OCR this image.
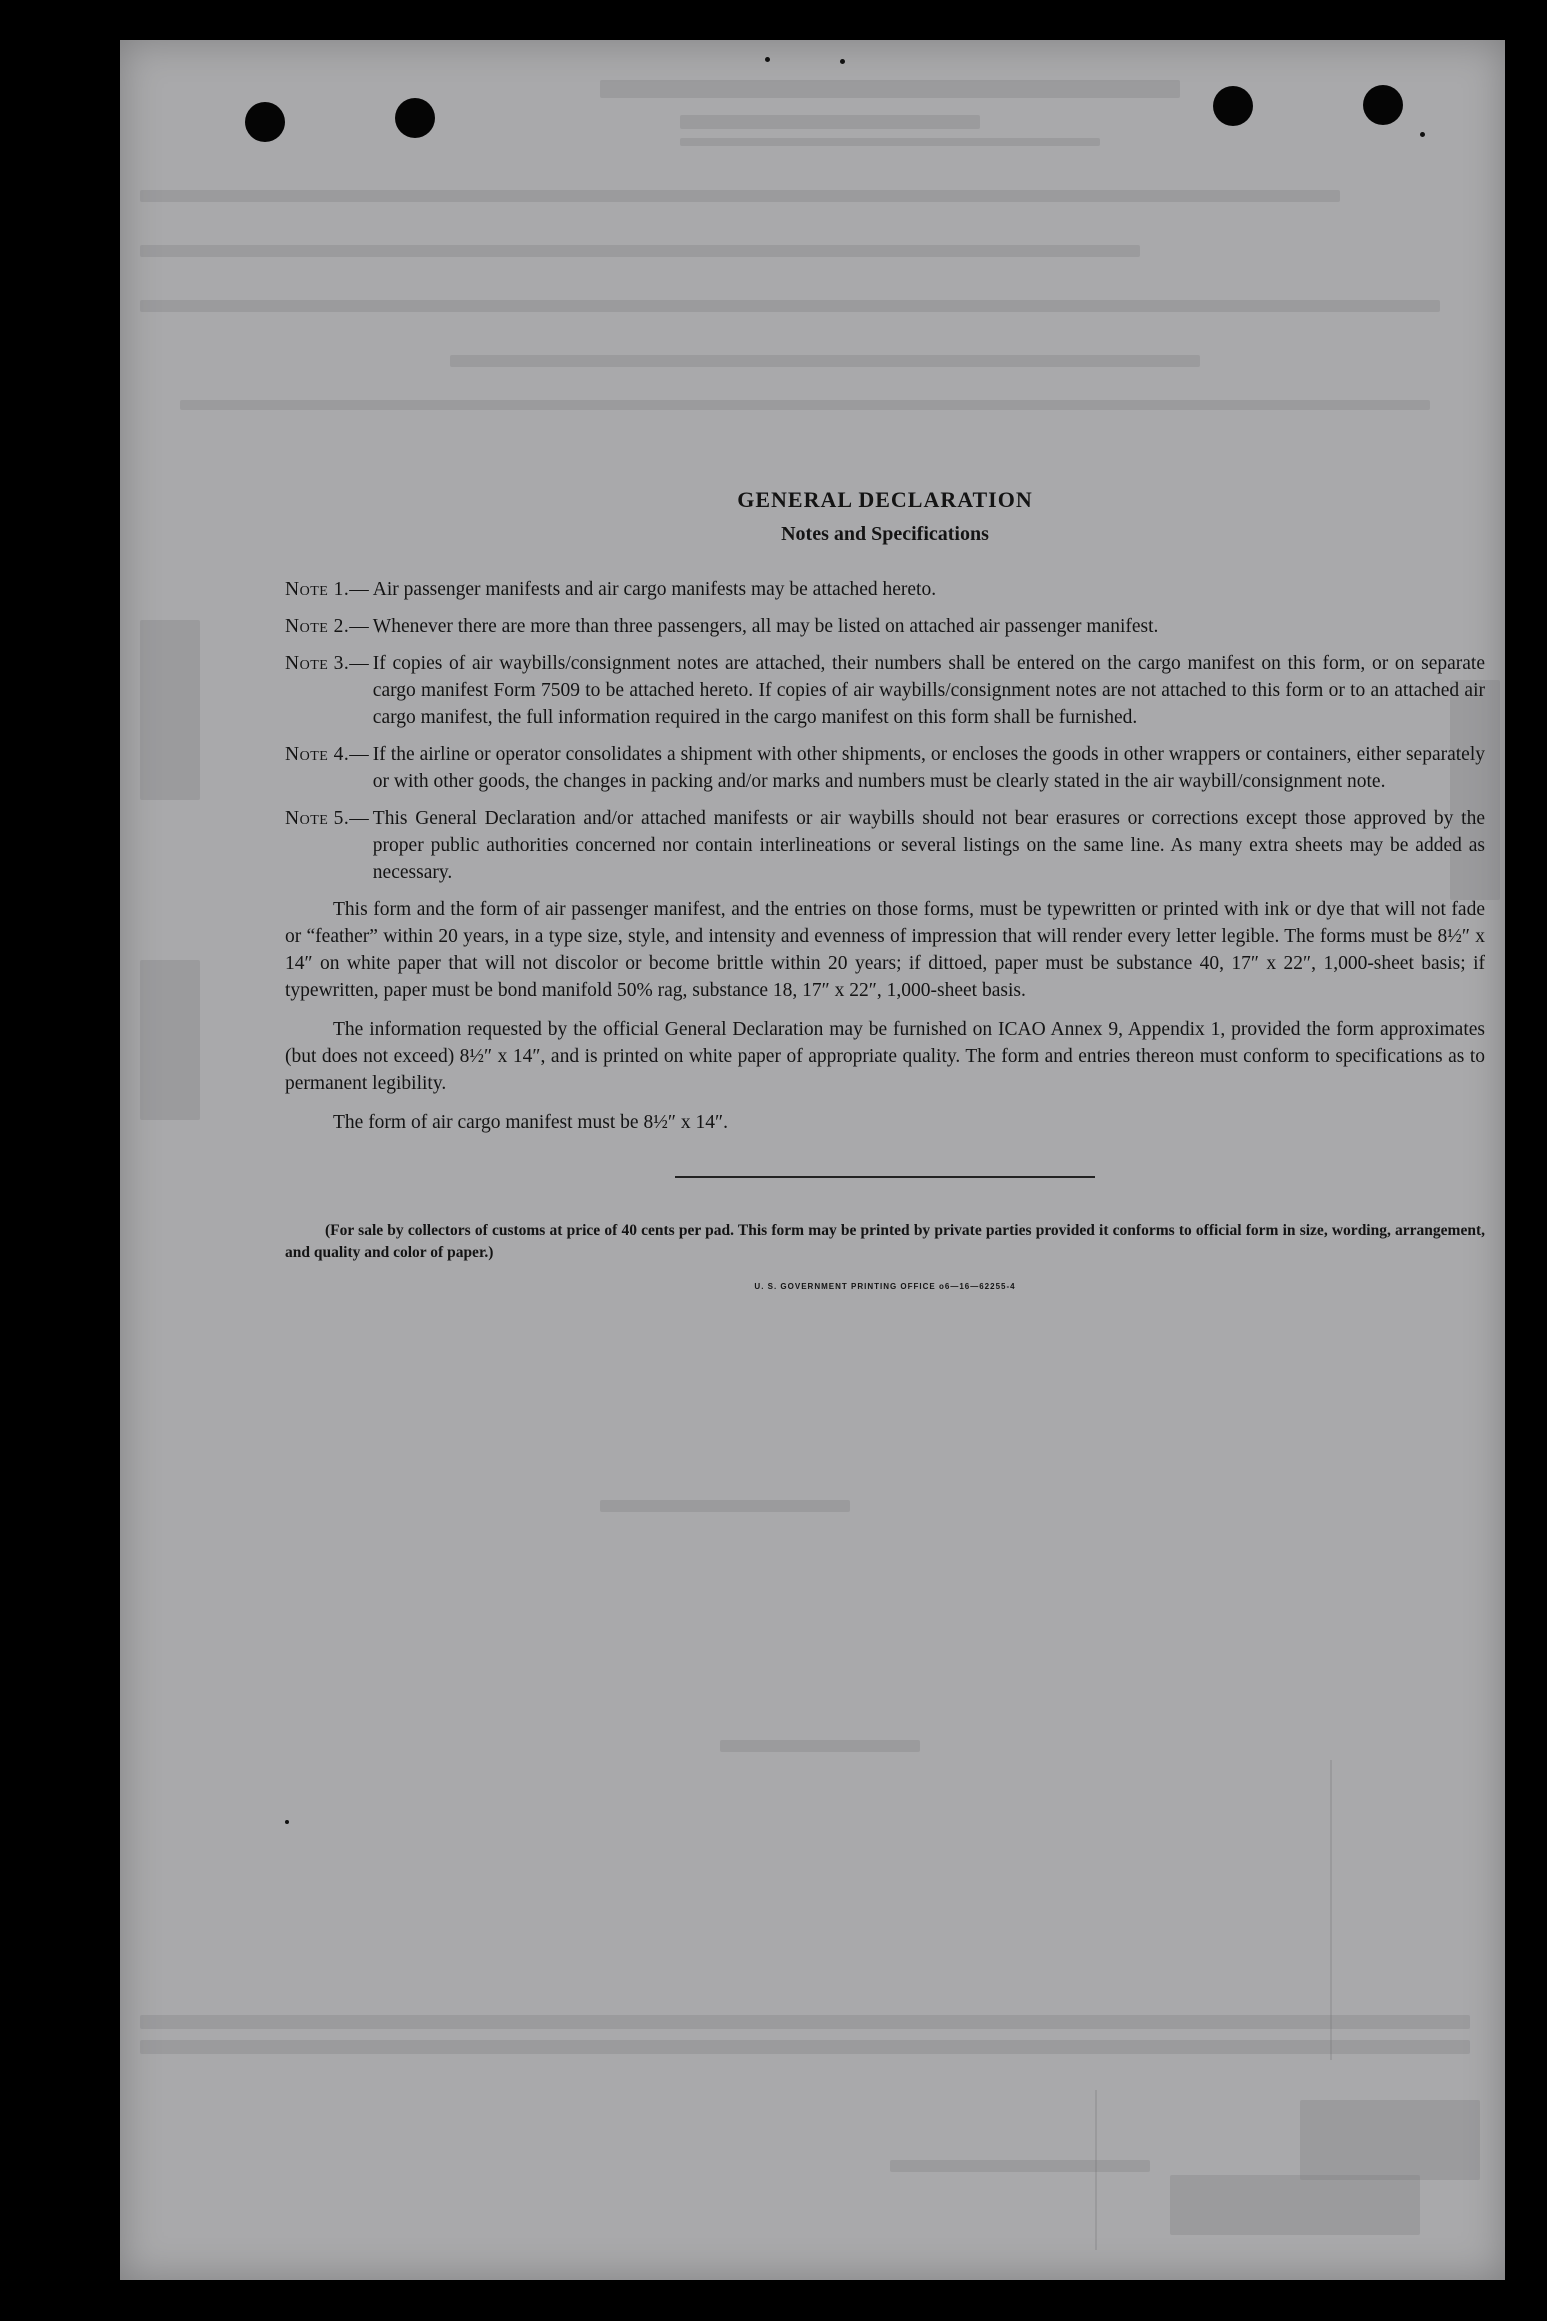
GENERAL DECLARATION
Notes and Specifications
Note 1.— Air passenger manifests and air cargo manifests may be attached hereto.
Note 2.— Whenever there are more than three passengers, all may be listed on attached air passenger manifest.
Note 3.— If copies of air waybills/consignment notes are attached, their numbers shall be entered on the cargo manifest on this form, or on separate cargo manifest Form 7509 to be attached hereto. If copies of air waybills/consignment notes are not attached to this form or to an attached air cargo manifest, the full information required in the cargo manifest on this form shall be furnished.
Note 4.— If the airline or operator consolidates a shipment with other shipments, or encloses the goods in other wrappers or containers, either separately or with other goods, the changes in packing and/or marks and numbers must be clearly stated in the air waybill/consignment note.
Note 5.— This General Declaration and/or attached manifests or air waybills should not bear erasures or corrections except those approved by the proper public authorities concerned nor contain interlineations or several listings on the same line. As many extra sheets may be added as necessary.

This form and the form of air passenger manifest, and the entries on those forms, must be typewritten or printed with ink or dye that will not fade or “feather” within 20 years, in a type size, style, and intensity and evenness of impression that will render every letter legible. The forms must be 8½″ x 14″ on white paper that will not discolor or become brittle within 20 years; if dittoed, paper must be substance 40, 17″ x 22″, 1,000-sheet basis; if typewritten, paper must be bond manifold 50% rag, substance 18, 17″ x 22″, 1,000-sheet basis.

The information requested by the official General Declaration may be furnished on ICAO Annex 9, Appendix 1, provided the form approximates (but does not exceed) 8½″ x 14″, and is printed on white paper of appropriate quality. The form and entries thereon must conform to specifications as to permanent legibility.

The form of air cargo manifest must be 8½″ x 14″.

(For sale by collectors of customs at price of 40 cents per pad. This form may be printed by private parties provided it conforms to official form in size, wording, arrangement, and quality and color of paper.)

U. S. GOVERNMENT PRINTING OFFICE o6—16—62255-4
